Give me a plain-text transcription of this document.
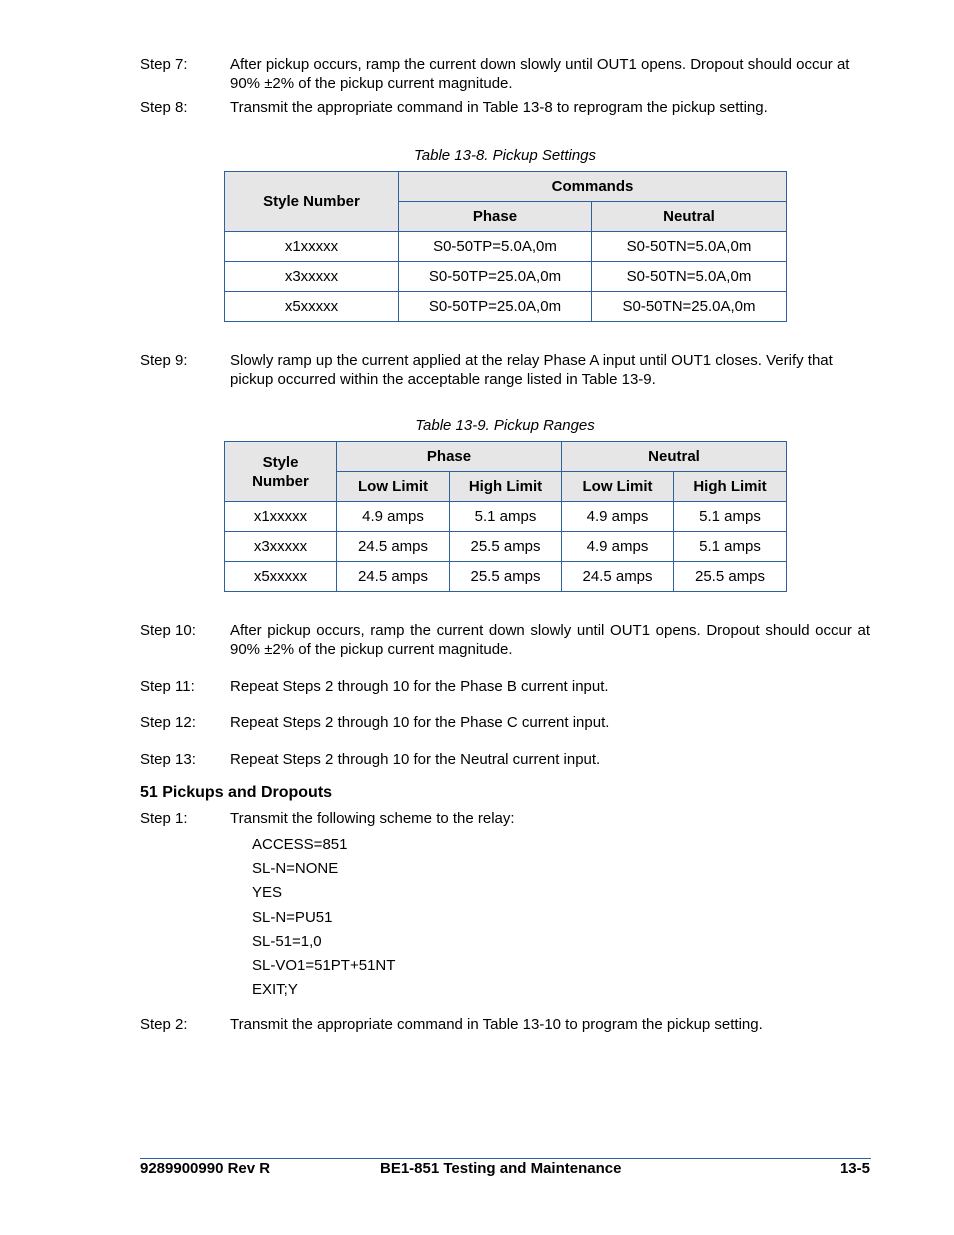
Step 7:	After pickup occurs, ramp the current down slowly until OUT1 opens. Dropout should occur at 90% ±2% of the pickup current magnitude.
Step 8:	Transmit the appropriate command in Table 13-8 to reprogram the pickup setting.
Table 13-8. Pickup Settings
Style Number	Commands	
	Phase	Neutral
x1xxxxx	S0-50TP=5.0A,0m	S0-50TN=5.0A,0m
x3xxxxx	S0-50TP=25.0A,0m	S0-50TN=5.0A,0m
x5xxxxx	S0-50TP=25.0A,0m	S0-50TN=25.0A,0m
Step 9:	Slowly ramp up the current applied at the relay Phase A input until OUT1 closes. Verify that pickup occurred within the acceptable range listed in Table 13-9.
Table 13-9. Pickup Ranges
Style
Number	Phase		Neutral	
	Low Limit	High Limit	Low Limit	High Limit
x1xxxxx	4.9 amps	5.1 amps	4.9 amps	5.1 amps
x3xxxxx	24.5 amps	25.5 amps	4.9 amps	5.1 amps
x5xxxxx	24.5 amps	25.5 amps	24.5 amps	25.5 amps
Step 10:	After pickup occurs, ramp the current down slowly until OUT1 opens. Dropout should occur at 90% ±2% of the pickup current magnitude.
Step 11:	Repeat Steps 2 through 10 for the Phase B current input.
Step 12:	Repeat Steps 2 through 10 for the Phase C current input.
Step 13:	Repeat Steps 2 through 10 for the Neutral current input.
51 Pickups and Dropouts
Step 1:	Transmit the following scheme to the relay:
ACCESS=851
SL-N=NONE
YES
SL-N=PU51
SL-51=1,0
SL-VO1=51PT+51NT
EXIT;Y
Step 2:	Transmit the appropriate command in Table 13-10 to program the pickup setting.
9289900990 Rev R	BE1-851 Testing and Maintenance	13-5
